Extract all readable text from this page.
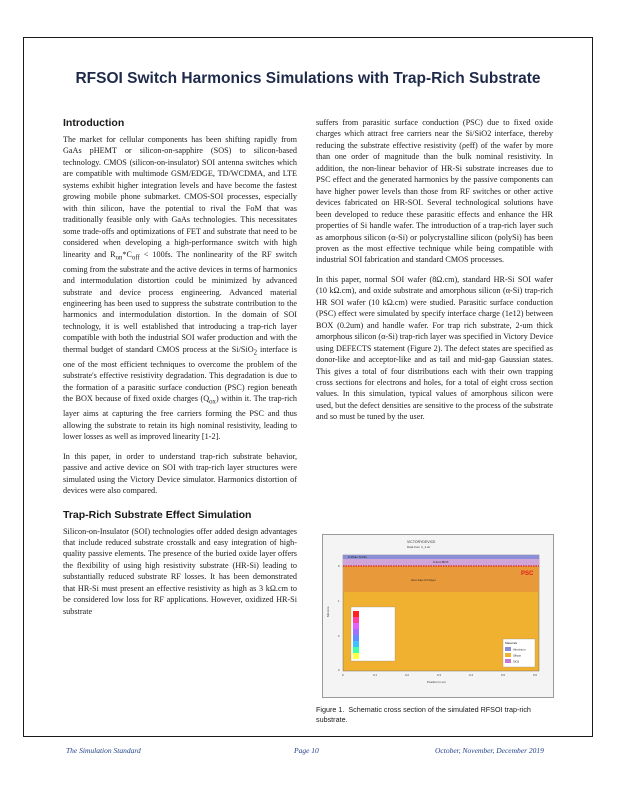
RFSOI Switch Harmonics Simulations with Trap-Rich Substrate
Introduction

The market for cellular components has been shifting rapidly from GaAs pHEMT or silicon-on-sapphire (SOS) to silicon-based technology. CMOS (silicon-on-insulator) SOI antenna switches which are compatible with multimode GSM/EDGE, TD/WCDMA, and LTE systems exhibit higher integration levels and have become the fastest growing mobile phone submarket. CMOS-SOI processes, especially with thin silicon, have the potential to rival the FoM that was traditionally feasible only with GaAs technologies. This necessitates some trade-offs and optimizations of FET and substrate that need to be considered when developing a high-performance switch with high linearity and $R_{on}*C_{off} < 100fs$. The nonlinearity of the RF switch coming from the substrate and the active devices in terms of harmonics and intermodulation distortion could be minimized by advanced substrate and device process engineering. Advanced material engineering has been used to suppress the substrate contribution to the harmonics and intermodulation distortion. In the domain of SOI technology, it is well established that introducing a trap-rich layer compatible with both the industrial SOI wafer production and with the thermal budget of standard CMOS process at the Si/SiO$_2$ interface is one of the most efficient techniques to overcome the problem of the substrate's effective resistivity degradation. This degradation is due to the formation of a parasitic surface conduction (PSC) region beneath the BOX because of fixed oxide charges $(Q_{ox})$ within it. The trap-rich layer aims at capturing the free carriers forming the PSC and thus allowing the substrate to retain its high nominal resistivity, leading to lower losses as well as improved linearity [1-2].

In this paper, in order to understand trap-rich substrate behavior, passive and active device on SOI with trap-rich layer structures were simulated using the Victory Device simulator. Harmonics distortion of devices were also compared.

Trap-Rich Substrate Effect Simulation

Silicon-on-Insulator (SOI) technologies offer added design advantages that include reduced substrate crosstalk and easy integration of high-quality passive elements. The presence of the buried oxide layer offers the flexibility of using high resistivity substrate (HR-Si) leading to substantially reduced substrate RF losses. It has been demonstrated that HR-Si must present an effective resistivity as high as 3 kΩ.cm to be considered low loss for RF applications. However, oxidized HR-Si substrate

suffers from parasitic surface conduction (PSC) due to fixed oxide charges which attract free carriers near the Si/SiO2 interface, thereby reducing the substrate effective resistivity (ρeff) of the wafer by more than one order of magnitude than the bulk nominal resistivity. In addition, the non-linear behavior of HR-Si substrate increases due to PSC effect and the generated harmonics by the passive components can have higher power levels than those from RF switches or other active devices fabricated on HR-SOI. Several technological solutions have been developed to reduce these parasitic effects and enhance the HR properties of Si handle wafer. The introduction of a trap-rich layer such as amorphous silicon (α-Si) or polycrystalline silicon (polySi) has been proven as the most effective technique while being compatible with industrial SOI fabrication and standard CMOS processes.

In this paper, normal SOI wafer (8Ω.cm), standard HR-Si SOI wafer (10 kΩ.cm), and oxide substrate and amorphous silicon (α-Si) trap-rich HR SOI wafer (10 kΩ.cm) were studied. Parasitic surface conduction (PSC) effect were simulated by specify interface charge (1e12) between BOX (0.2um) and handle wafer. For trap rich substrate, 2-um thick amorphous silicon (α-Si) trap-rich layer was specified in Victory Device using DEFECTS statement (Figure 2). The defect states are specified as donor-like and acceptor-like and as tail and mid-gap Gaussian states. This gives a total of four distributions each with their own trapping cross sections for electrons and holes, for a total of eight cross section values. In this simulation, typical values of amorphous silicon were used, but the defect densities are sensitive to the process of the substrate and so must be tuned by the user.

VICTORYDEVICE
Data from tr_1.str
0.15um Si film
0.2um BOX
PSC
2um trap rich layer
Materials
Aluminum
Silicon
SiO2
Microns
Position in um
0	0.1	0.2	0.3	0.4	0.5	0.6
0
1
2
3
Figure 1. Schematic cross section of the simulated RFSOI trap-rich substrate.
The Simulation Standard	Page 10	October, November, December 2019
